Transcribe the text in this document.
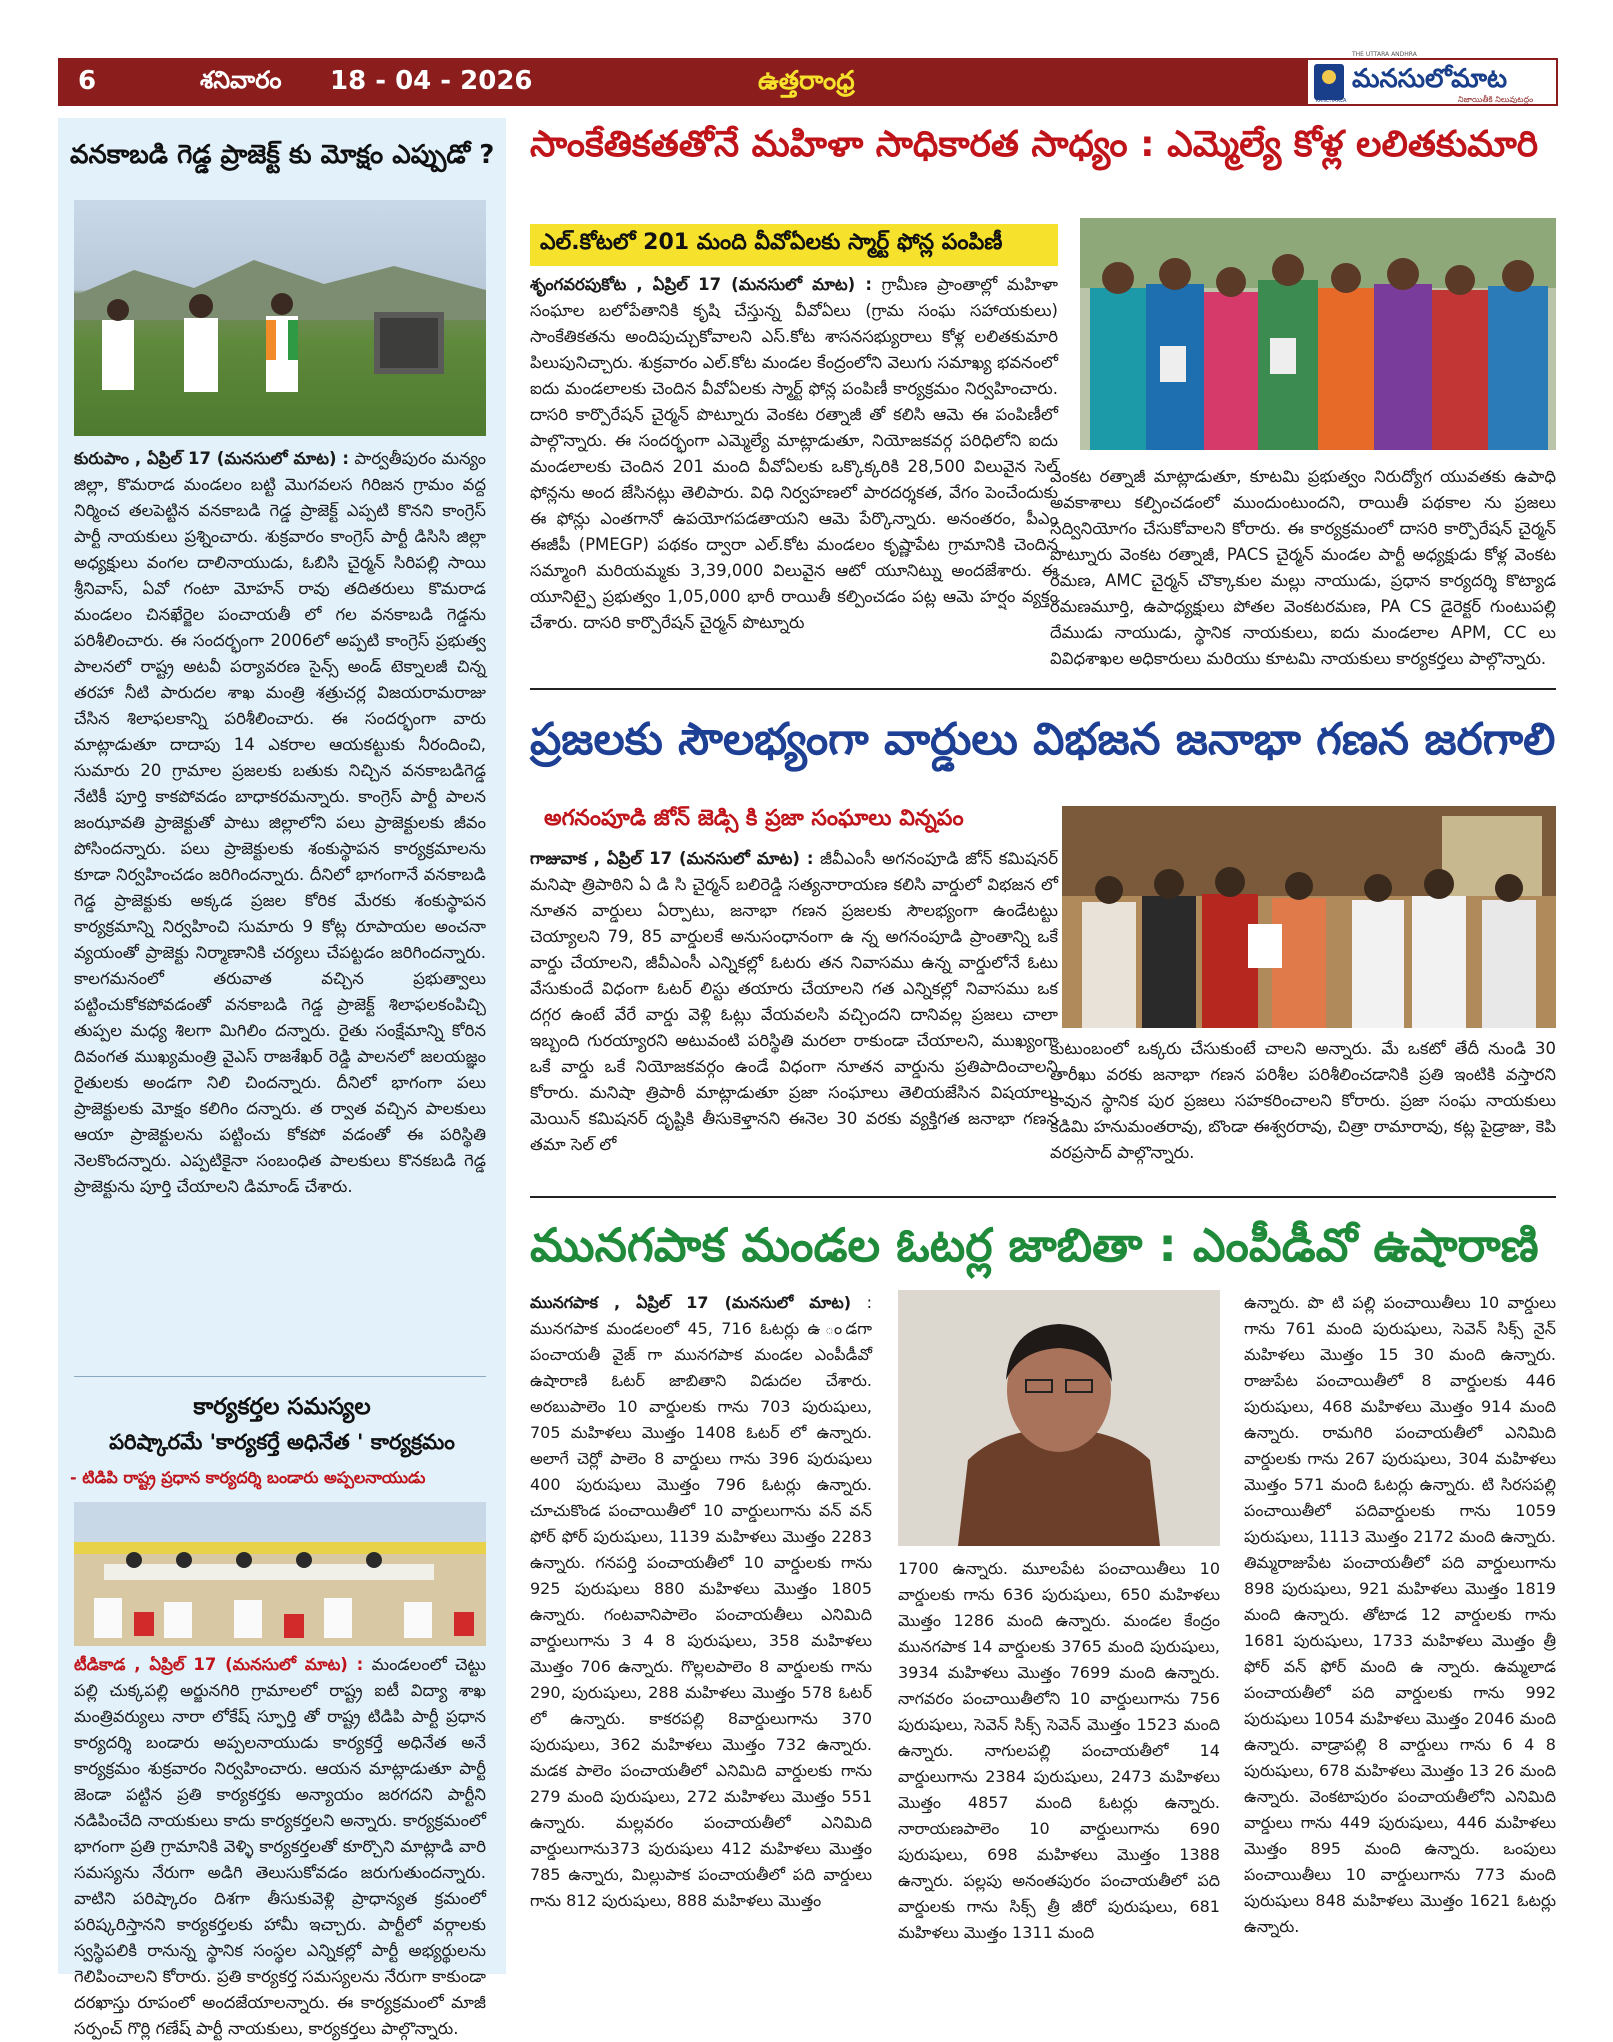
6	శనివారం 18 - 04 - 2026	ఉత్తరాంధ్ర
THE UTTARA ANDHRA
KANCHARLA
మనసులోమాట
నిజాయితీకి నిలువుటద్దం
వనకాబడి గెడ్డ ప్రాజెక్ట్ కు మోక్షం ఎప్పుడో ?
కురుపాం , ఏప్రిల్ 17 (మనసులో మాట) : పార్వతీపురం మన్యం జిల్లా, కొమరాడ మండలం బట్టి మొగవలస గిరిజన గ్రామం వద్ద నిర్మించ తలపెట్టిన వనకాబడి గెడ్డ ప్రాజెక్ట్ ఎప్పటి కొనని కాంగ్రెస్ పార్టీ నాయకులు ప్రశ్నించారు. శుక్రవారం కాంగ్రెస్ పార్టీ డిసిసి జిల్లా అధ్యక్షులు వంగల దాలినాయుడు, ఓబిసి చైర్మన్ సిరిపల్లి సాయి శ్రీనివాస్, ఏవో గంటా మోహన్ రావు తదితరులు కొమరాడ మండలం చినఖేర్జెల పంచాయతీ లో గల వనకాబడి గెడ్డను పరిశీలించారు. ఈ సందర్భంగా 2006లో అప్పటి కాంగ్రెస్ ప్రభుత్వ పాలనలో రాష్ట్ర అటవీ పర్యావరణ సైన్స్ అండ్ టెక్నాలజీ చిన్న తరహా నీటి పారుదల శాఖ మంత్రి శత్రుచర్ల విజయరామరాజు చేసిన శిలాఫలకాన్ని పరిశీలించారు. ఈ సందర్భంగా వారు మాట్లాడుతూ దాదాపు 14 ఎకరాల ఆయకట్టుకు నీరందించి, సుమారు 20 గ్రామాల ప్రజలకు బతుకు నిచ్చిన వనకాబడిగెడ్డ నేటికీ పూర్తి కాకపోవడం బాధాకరమన్నారు. కాంగ్రెస్ పార్టీ పాలన జంఝావతి ప్రాజెక్టుతో పాటు జిల్లాలోని పలు ప్రాజెక్టులకు జీవం పోసిందన్నారు. పలు ప్రాజెక్టులకు శంకుస్థాపన కార్యక్రమాలను కూడా నిర్వహించడం జరిగిందన్నారు. దీనిలో భాగంగానే వనకాబడి గెడ్డ ప్రాజెక్టుకు అక్కడ ప్రజల కోరిక మేరకు శంకుస్థాపన కార్యక్రమాన్ని నిర్వహించి సుమారు 9 కోట్ల రూపాయల అంచనా వ్యయంతో ప్రాజెక్టు నిర్మాణానికి చర్యలు చేపట్టడం జరిగిందన్నారు. కాలగమనంలో తరువాత వచ్చిన ప్రభుత్వాలు పట్టించుకోకపోవడంతో వనకాబడి గెడ్డ ప్రాజెక్ట్ శిలాఫలకంపిచ్చి తుప్పల మధ్య శిలగా మిగిలిం దన్నారు. రైతు సంక్షేమాన్ని కోరిన దివంగత ముఖ్యమంత్రి వైఎస్ రాజశేఖర్ రెడ్డి పాలనలో జలయజ్ఞం రైతులకు అండగా నిలి చిందన్నారు. దీనిలో భాగంగా పలు ప్రాజెక్టులకు మోక్షం కలిగిం దన్నారు. త ర్వాత వచ్చిన పాలకులు ఆయా ప్రాజెక్టులను పట్టించు కోకపో వడంతో ఈ పరిస్థితి నెలకొందన్నారు. ఎప్పటికైనా సంబంధిత పాలకులు కొనకబడి గెడ్డ ప్రాజెక్టును పూర్తి చేయాలని డిమాండ్ చేశారు.
కార్యకర్తల సమస్యల
పరిష్కారమే 'కార్యకర్తే అధినేత ' కార్యక్రమం
- టిడిపి రాష్ట్ర ప్రధాన కార్యదర్శి బండారు అప్పలనాయుడు
టీడికాడ , ఏప్రిల్ 17 (మనసులో మాట) : మండలంలో చెట్టు పల్లి చుక్కపల్లి అర్జునగిరి గ్రామాలలో రాష్ట్ర ఐటీ విద్యా శాఖ మంత్రివర్యులు నారా లోకేష్ స్ఫూర్తి తో రాష్ట్ర టిడిపి పార్టీ ప్రధాన కార్యదర్శి బండారు అప్పలనాయుడు కార్యకర్తే అధినేత అనే కార్యక్రమం శుక్రవారం నిర్వహించారు. ఆయన మాట్లాడుతూ పార్టీ జెండా పట్టిన ప్రతి కార్యకర్తకు అన్యాయం జరగదని పార్టీని నడిపించేది నాయకులు కాదు కార్యకర్తలని అన్నారు. కార్యక్రమంలో భాగంగా ప్రతి గ్రామానికి వెళ్ళి కార్యకర్తలతో కూర్చొని మాట్లాడి వారి సమస్యను నేరుగా అడిగి తెలుసుకోవడం జరుగుతుందన్నారు. వాటిని పరిష్కారం దిశగా తీసుకువెళ్లి ప్రాధాన్యత క్రమంలో పరిష్కరిస్తానని కార్యకర్తలకు హామీ ఇచ్చారు. పార్టీలో వర్గాలకు స్వస్థిపలికి రానున్న స్థానిక సంస్థల ఎన్నికల్లో పార్టీ అభ్యర్థులను గెలిపించాలని కోరారు. ప్రతి కార్యకర్త సమస్యలను నేరుగా కాకుండా దరఖాస్తు రూపంలో అందజేయాలన్నారు. ఈ కార్యక్రమంలో మాజీ సర్పంచ్ గొర్లి గణేష్ పార్టీ నాయకులు, కార్యకర్తలు పాల్గొన్నారు.
సాంకేతికతతోనే మహిళా సాధికారత సాధ్యం : ఎమ్మెల్యే కోళ్ల లలితకుమారి
ఎల్.కోటలో 201 మంది వీవోఏలకు స్మార్ట్ ఫోన్ల పంపిణీ
శృంగవరపుకోట , ఏప్రిల్ 17 (మనసులో మాట) : గ్రామీణ ప్రాంతాల్లో మహిళా సంఘాల బలోపేతానికి కృషి చేస్తున్న వీవోఏలు (గ్రామ సంఘ సహాయకులు) సాంకేతికతను అందిపుచ్చుకోవాలని ఎస్.కోట శాసనసభ్యురాలు కోళ్ల లలితకుమారి పిలుపునిచ్చారు. శుక్రవారం ఎల్.కోట మండల కేంద్రంలోని వెలుగు సమాఖ్య భవనంలో ఐదు మండలాలకు చెందిన వీవోఏలకు స్మార్ట్ ఫోన్ల పంపిణీ కార్యక్రమం నిర్వహించారు. దాసరి కార్పొరేషన్ చైర్మన్ పొట్నూరు వెంకట రత్నాజీ తో కలిసి ఆమె ఈ పంపిణీలో పాల్గొన్నారు. ఈ సందర్భంగా ఎమ్మెల్యే మాట్లాడుతూ, నియోజకవర్గ పరిధిలోని ఐదు మండలాలకు చెందిన 201 మంది వీవోఏలకు ఒక్కొక్కరికి 28,500 విలువైన సెల్ ఫోన్లను అంద జేసినట్లు తెలిపారు. విధి నిర్వహణలో పారదర్శకత, వేగం పెంచేందుకు ఈ ఫోన్లు ఎంతగానో ఉపయోగపడతాయని ఆమె పేర్కొన్నారు. అనంతరం, పీఎం ఈజీపీ (PMEGP) పథకం ద్వారా ఎల్.కోట మండలం కృష్ణాపేట గ్రామానికి చెందిన సమ్మాంగి మరియమ్మకు 3,39,000 విలువైన ఆటో యూనిట్ను అందజేశారు. ఈ యూనిట్పై ప్రభుత్వం 1,05,000 భారీ రాయితీ కల్పించడం పట్ల ఆమె హర్షం వ్యక్తం చేశారు. దాసరి కార్పొరేషన్ చైర్మన్ పొట్నూరు
వెంకట రత్నాజీ మాట్లాడుతూ, కూటమి ప్రభుత్వం నిరుద్యోగ యువతకు ఉపాధి అవకాశాలు కల్పించడంలో ముందుంటుందని, రాయితీ పథకాల ను ప్రజలు సద్వినియోగం చేసుకోవాలని కోరారు. ఈ కార్యక్రమంలో దాసరి కార్పొరేషన్ చైర్మన్ పొట్నూరు వెంకట రత్నాజీ, PACS చైర్మన్ మండల పార్టీ అధ్యక్షుడు కోళ్ల వెంకట రమణ, AMC చైర్మన్ చొక్కాకుల మల్లు నాయుడు, ప్రధాన కార్యదర్శి కొట్యాడ రమణమూర్తి, ఉపాధ్యక్షులు పోతల వెంకటరమణ, PA CS డైరెక్టర్ గుంటుపల్లి దేముడు నాయుడు, స్థానిక నాయకులు, ఐదు మండలాల APM, CC లు వివిధశాఖల అధికారులు మరియు కూటమి నాయకులు కార్యకర్తలు పాల్గొన్నారు.
ప్రజలకు సౌలభ్యంగా వార్డులు విభజన జనాభా గణన జరగాలి
అగనంపూడి జోన్ జెడ్సి కి ప్రజా సంఘాలు విన్నపం
గాజువాక , ఏప్రిల్ 17 (మనసులో మాట) : జీవీఎంసీ అగనంపూడి జోన్ కమిషనర్ మనిషా త్రిపాఠిని ఏ డి సి చైర్మన్ బలిరెడ్డి సత్యనారాయణ కలిసి వార్డులో విభజన లో నూతన వార్డులు ఏర్పాటు, జనాభా గణన ప్రజలకు సౌలభ్యంగా ఉండేటట్టు చెయ్యాలని 79, 85 వార్డులకే అనుసంధానంగా ఉ న్న అగనంపూడి ప్రాంతాన్ని ఒకే వార్డు చేయాలని, జీవీఎంసీ ఎన్నికల్లో ఓటరు తన నివాసము ఉన్న వార్డులోనే ఓటు వేసుకుందే విధంగా ఓటర్ లిస్టు తయారు చేయాలని గత ఎన్నికల్లో నివాసము ఒక దగ్గర ఉంటే వేరే వార్డు వెళ్లి ఓట్లు వేయవలసి వచ్చిందని దానివల్ల ప్రజలు చాలా ఇబ్బంది గురయ్యారని అటువంటి పరిస్థితి మరలా రాకుండా చేయాలని, ముఖ్యంగా ఒకే వార్డు ఒకే నియోజకవర్గం ఉండే విధంగా నూతన వార్డును ప్రతిపాదించాలని కోరారు. మనిషా త్రిపాఠీ మాట్లాడుతూ ప్రజా సంఘాలు తెలియజేసిన విషయాలు మెయిన్ కమిషనర్ దృష్టికి తీసుకెళ్తానని ఈనెల 30 వరకు వ్యక్తిగత జనాభా గణన తమా సెల్ లో
కుటుంబంలో ఒక్కరు చేసుకుంటే చాలని అన్నారు. మే ఒకటో తేదీ నుండి 30 తారీఖు వరకు జనాభా గణన పరిశీల పరిశీలించడానికి ప్రతి ఇంటికి వస్తారని కావున స్థానిక పుర ప్రజలు సహకరించాలని కోరారు. ప్రజా సంఘ నాయకులు కడిమి హనుమంతరావు, బొండా ఈశ్వరరావు, చిత్రా రామారావు, కట్ల పైడ్రాజు, కెపి వరప్రసాద్ పాల్గొన్నారు.
మునగపాక మండల ఓటర్ల జాబితా : ఎంపీడీవో ఉషారాణి
మునగపాక , ఏప్రిల్ 17 (మనసులో మాట) : మునగపాక మండలంలో 45, 716 ఓటర్లు ఉ ండగా పంచాయతీ వైజ్ గా మునగపాక మండల ఎంపీడీవో ఉషారాణి ఓటర్ జాబితాని విడుదల చేశారు. అరబుపాలెం 10 వార్డులకు గాను 703 పురుషులు, 705 మహిళలు మొత్తం 1408 ఓటర్ లో ఉన్నారు. అలాగే చెర్లో పాలెం 8 వార్డులు గాను 396 పురుషులు 400 పురుషులు మొత్తం 796 ఓటర్లు ఉన్నారు. చూచుకొండ పంచాయితీలో 10 వార్డులుగాను వన్ వన్ ఫోర్ ఫోర్ పురుషులు, 1139 మహిళలు మొత్తం 2283 ఉన్నారు. గనపర్తి పంచాయతీలో 10 వార్డులకు గాను 925 పురుషులు 880 మహిళలు మొత్తం 1805 ఉన్నారు. గంటవానిపాలెం పంచాయతీలు ఎనిమిది వార్డులుగాను 3 4 8 పురుషులు, 358 మహిళలు మొత్తం 706 ఉన్నారు. గొల్లలపాలెం 8 వార్డులకు గాను 290, పురుషులు, 288 మహిళలు మొత్తం 578 ఓటర్ లో ఉన్నారు. కాకరపల్లి 8వార్డులుగాను 370 పురుషులు, 362 మహిళలు మొత్తం 732 ఉన్నారు. మడక పాలెం పంచాయతీలో ఎనిమిది వార్డులకు గాను 279 మంది పురుషులు, 272 మహిళలు మొత్తం 551 ఉన్నారు. మల్లవరం పంచాయతీలో ఎనిమిది వార్డులుగాను373 పురుషులు 412 మహిళలు మొత్తం 785 ఉన్నారు, మిల్లుపాక పంచాయతీలో పది వార్డులు గాను 812 పురుషులు, 888 మహిళలు మొత్తం
1700 ఉన్నారు. మూలపేట పంచాయితీలు 10 వార్డులకు గాను 636 పురుషులు, 650 మహిళలు మొత్తం 1286 మంది ఉన్నారు. మండల కేంద్రం మునగపాక 14 వార్డులకు 3765 మంది పురుషులు, 3934 మహిళలు మొత్తం 7699 మంది ఉన్నారు. నాగవరం పంచాయితీలోని 10 వార్డులుగాను 756 పురుషులు, సెవెన్ సిక్స్ సెవెన్ మొత్తం 1523 మంది ఉన్నారు. నాగులపల్లి పంచాయతీలో 14 వార్డులుగాను 2384 పురుషులు, 2473 మహిళలు మొత్తం 4857 మంది ఓటర్లు ఉన్నారు. నారాయణపాలెం 10 వార్డులుగాను 690 పురుషులు, 698 మహిళలు మొత్తం 1388 ఉన్నారు. పల్లపు అనంతపురం పంచాయతీలో పది వార్డులకు గాను సిక్స్ త్రీ జీరో పురుషులు, 681 మహిళలు మొత్తం 1311 మంది
ఉన్నారు. పొ టి పల్లి పంచాయితీలు 10 వార్డులు గాను 761 మంది పురుషులు, సెవెన్ సిక్స్ నైన్ మహిళలు మొత్తం 15 30 మంది ఉన్నారు. రాజుపేట పంచాయితీలో 8 వార్డులకు 446 పురుషులు, 468 మహిళలు మొత్తం 914 మంది ఉన్నారు. రామగిరి పంచాయతీలో ఎనిమిది వార్డులకు గాను 267 పురుషులు, 304 మహిళలు మొత్తం 571 మంది ఓటర్లు ఉన్నారు. టి సిరసపల్లి పంచాయితీలో పదివార్డులకు గాను 1059 పురుషులు, 1113 మొత్తం 2172 మంది ఉన్నారు. తిమ్మరాజుపేట పంచాయతీలో పది వార్డులుగాను 898 పురుషులు, 921 మహిళలు మొత్తం 1819 మంది ఉన్నారు. తోటాడ 12 వార్డులకు గాను 1681 పురుషులు, 1733 మహిళలు మొత్తం త్రీ ఫోర్ వన్ ఫోర్ మంది ఉ న్నారు. ఉమ్మలాడ పంచాయతీలో పది వార్డులకు గాను 992 పురుషులు 1054 మహిళలు మొత్తం 2046 మంది ఉన్నారు. వాడ్రాపల్లి 8 వార్డులు గాను 6 4 8 పురుషులు, 678 మహిళలు మొత్తం 13 26 మంది ఉన్నారు. వెంకటాపురం పంచాయతీలోని ఎనిమిది వార్డులు గాను 449 పురుషులు, 446 మహిళలు మొత్తం 895 మంది ఉన్నారు. ఒంపులు పంచాయితీలు 10 వార్డులుగాను 773 మంది పురుషులు 848 మహిళలు మొత్తం 1621 ఓటర్లు ఉన్నారు.
